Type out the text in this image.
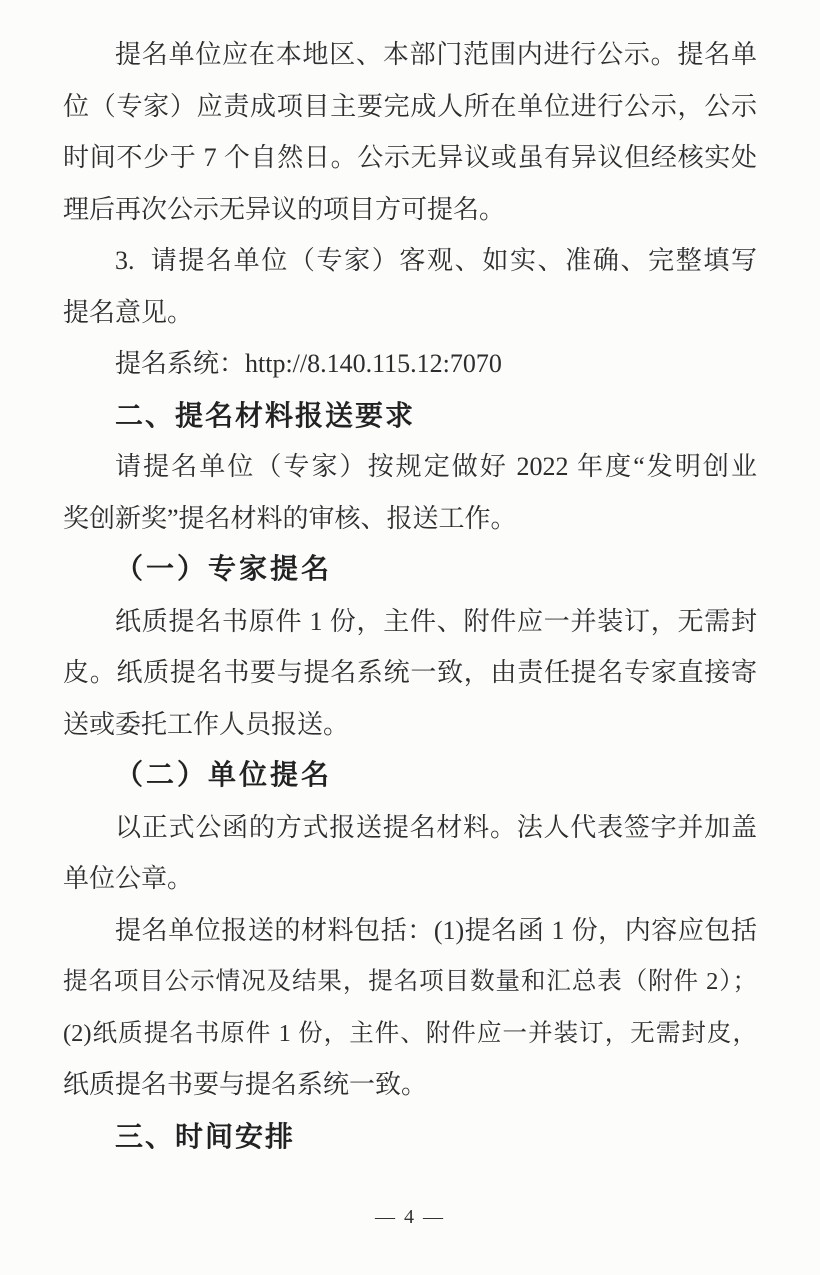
提名单位应在本地区、本部门范围内进行公示。提名单
位（专家）应责成项目主要完成人所在单位进行公示，公示
时间不少于 7 个自然日。公示无异议或虽有异议但经核实处
理后再次公示无异议的项目方可提名。
3.  请提名单位（专家）客观、如实、准确、完整填写
提名意见。
提名系统：http://8.140.115.12:7070
二、提名材料报送要求
请提名单位（专家）按规定做好 2022 年度“发明创业
奖创新奖”提名材料的审核、报送工作。
（一）专家提名
纸质提名书原件 1 份，主件、附件应一并装订，无需封
皮。纸质提名书要与提名系统一致，由责任提名专家直接寄
送或委托工作人员报送。
（二）单位提名
以正式公函的方式报送提名材料。法人代表签字并加盖
单位公章。
提名单位报送的材料包括：(1)提名函 1 份，内容应包括
提名项目公示情况及结果，提名项目数量和汇总表（附件 2）；
(2)纸质提名书原件 1 份，主件、附件应一并装订，无需封皮，
纸质提名书要与提名系统一致。
三、时间安排
— 4 —
